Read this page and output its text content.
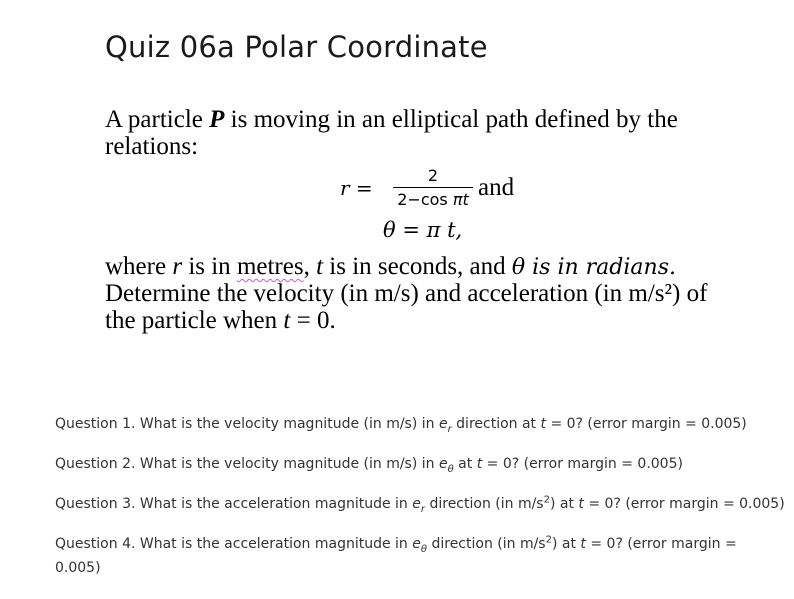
Quiz 06a Polar Coordinate
A particle P is moving in an elliptical path defined by the
relations:
r =
2
2−cos πt and
θ = π t,
where r is in metres, t is in seconds, and θ is in radians.
Determine the velocity (in m/s) and acceleration (in m/s²) of
the particle when t = 0.
Question 1. What is the velocity magnitude (in m/s) in $e_r$ direction at t = 0? (error margin = 0.005)
Question 2. What is the velocity magnitude (in m/s) in $e_\theta$ at t = 0? (error margin = 0.005)
Question 3. What is the acceleration magnitude in $e_r$ direction (in $m/s^2$) at t = 0? (error margin = 0.005)
Question 4. What is the acceleration magnitude in $e_\theta$ direction (in $m/s^2$) at t = 0? (error margin =
0.005)
